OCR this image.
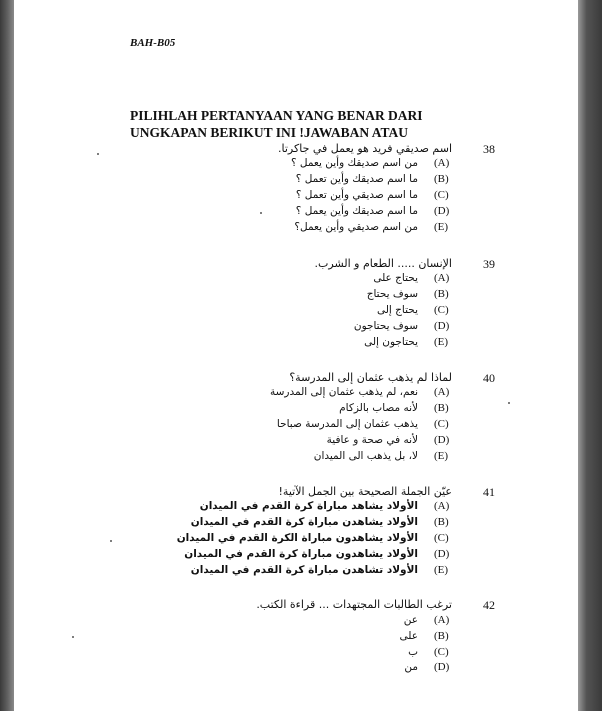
BAH-B05
PILIHLAH PERTANYAAN YANG BENAR DARI UNGKAPAN BERIKUT INI !JAWABAN ATAU
38
اسم صديقي فريد هو يعمل في جاكرتا.
(A)
من اسم صديقك وأين يعمل ؟
(B)
ما اسم صديقك وأين تعمل ؟
(C)
ما اسم صديقي وأين تعمل ؟
(D)
ما اسم صديقك وأين يعمل ؟
(E)
من اسم صديقي وأين يعمل؟
39
الإنسان ..... الطعام و الشرب.
(A)
يحتاج على
(B)
سوف يحتاج
(C)
يحتاج إلى
(D)
سوف يحتاجون
(E)
يحتاجون إلى
40
لماذا لم يذهب عثمان إلى المدرسة؟
(A)
نعم، لم يذهب عثمان إلى المدرسة
(B)
لأنه مصاب بالزكام
(C)
يذهب عثمان إلى المدرسة صباحا
(D)
لأنه في صحة و عافية
(E)
لا، بل يذهب الى الميدان
41
عيّن الجملة الصحيحة بين الجمل الآتية!
(A)
الأولاد يشاهد مباراة كرة القدم في الميدان
(B)
الأولاد يشاهدن مباراة كرة القدم في الميدان
(C)
الأولاد يشاهدون مباراة الكرة القدم في الميدان
(D)
الأولاد يشاهدون مباراة كرة القدم في الميدان
(E)
الأولاد تشاهدن مباراة كرة القدم في الميدان
42
ترغب الطالبات المجتهدات ... قراءة الكتب.
(A)
عن
(B)
على
(C)
ب
(D)
من
